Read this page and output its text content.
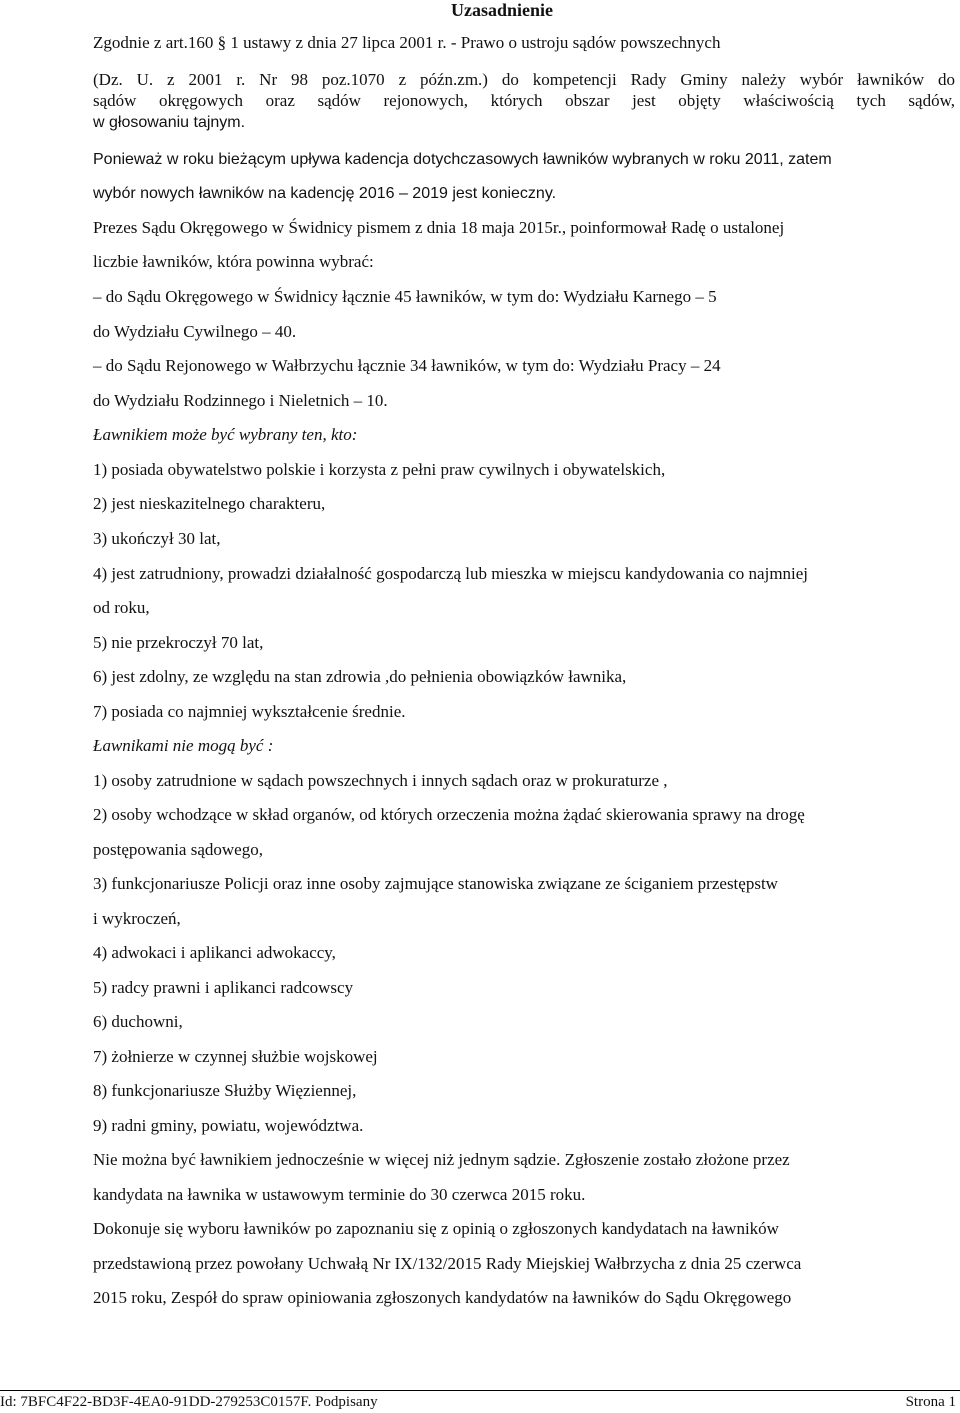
Uzasadnienie
Zgodnie z art.160 § 1 ustawy z dnia 27 lipca 2001 r. - Prawo o ustroju sądów powszechnych
(Dz. U. z 2001 r. Nr 98 poz.1070 z późn.zm.) do kompetencji Rady Gminy należy wybór ławników do
sądów okręgowych oraz sądów rejonowych, których obszar jest objęty właściwością tych sądów,
w głosowaniu tajnym.
Ponieważ w roku bieżącym upływa kadencja dotychczasowych ławników wybranych w roku 2011, zatem
wybór nowych ławników na kadencję 2016 – 2019 jest konieczny.
Prezes Sądu Okręgowego w Świdnicy pismem z dnia 18 maja 2015r., poinformował Radę o ustalonej
liczbie ławników, która powinna wybrać:
– do Sądu Okręgowego w Świdnicy łącznie 45 ławników, w tym do: Wydziału Karnego – 5
do Wydziału Cywilnego – 40.
– do Sądu Rejonowego w Wałbrzychu łącznie 34 ławników, w tym do: Wydziału Pracy – 24
do Wydziału Rodzinnego i Nieletnich – 10.
Ławnikiem może być wybrany ten, kto:
1) posiada obywatelstwo polskie i korzysta z pełni praw cywilnych i obywatelskich,
2) jest nieskazitelnego charakteru,
3) ukończył 30 lat,
4) jest zatrudniony, prowadzi działalność gospodarczą lub mieszka w miejscu kandydowania co najmniej
od roku,
5) nie przekroczył 70 lat,
6) jest zdolny, ze względu na stan zdrowia ,do pełnienia obowiązków ławnika,
7) posiada co najmniej wykształcenie średnie.
Ławnikami nie mogą być :
1) osoby zatrudnione w sądach powszechnych i innych sądach oraz w prokuraturze ,
2) osoby wchodzące w skład organów, od których orzeczenia można żądać skierowania sprawy na drogę
postępowania sądowego,
3) funkcjonariusze Policji oraz inne osoby zajmujące stanowiska związane ze ściganiem przestępstw
i wykroczeń,
4) adwokaci i aplikanci adwokaccy,
5) radcy prawni i aplikanci radcowscy
6) duchowni,
7) żołnierze w czynnej służbie wojskowej
8) funkcjonariusze Służby Więziennej,
9) radni gminy, powiatu, województwa.
Nie można być ławnikiem jednocześnie w więcej niż jednym sądzie. Zgłoszenie zostało złożone przez
kandydata na ławnika w ustawowym terminie do 30 czerwca 2015 roku.
Dokonuje się wyboru ławników po zapoznaniu się z opinią o zgłoszonych kandydatach na ławników
przedstawioną przez powołany Uchwałą Nr IX/132/2015 Rady Miejskiej Wałbrzycha z dnia 25 czerwca
2015 roku, Zespół do spraw opiniowania zgłoszonych kandydatów na ławników do Sądu Okręgowego
Id: 7BFC4F22-BD3F-4EA0-91DD-279253C0157F. Podpisany	Strona 1
